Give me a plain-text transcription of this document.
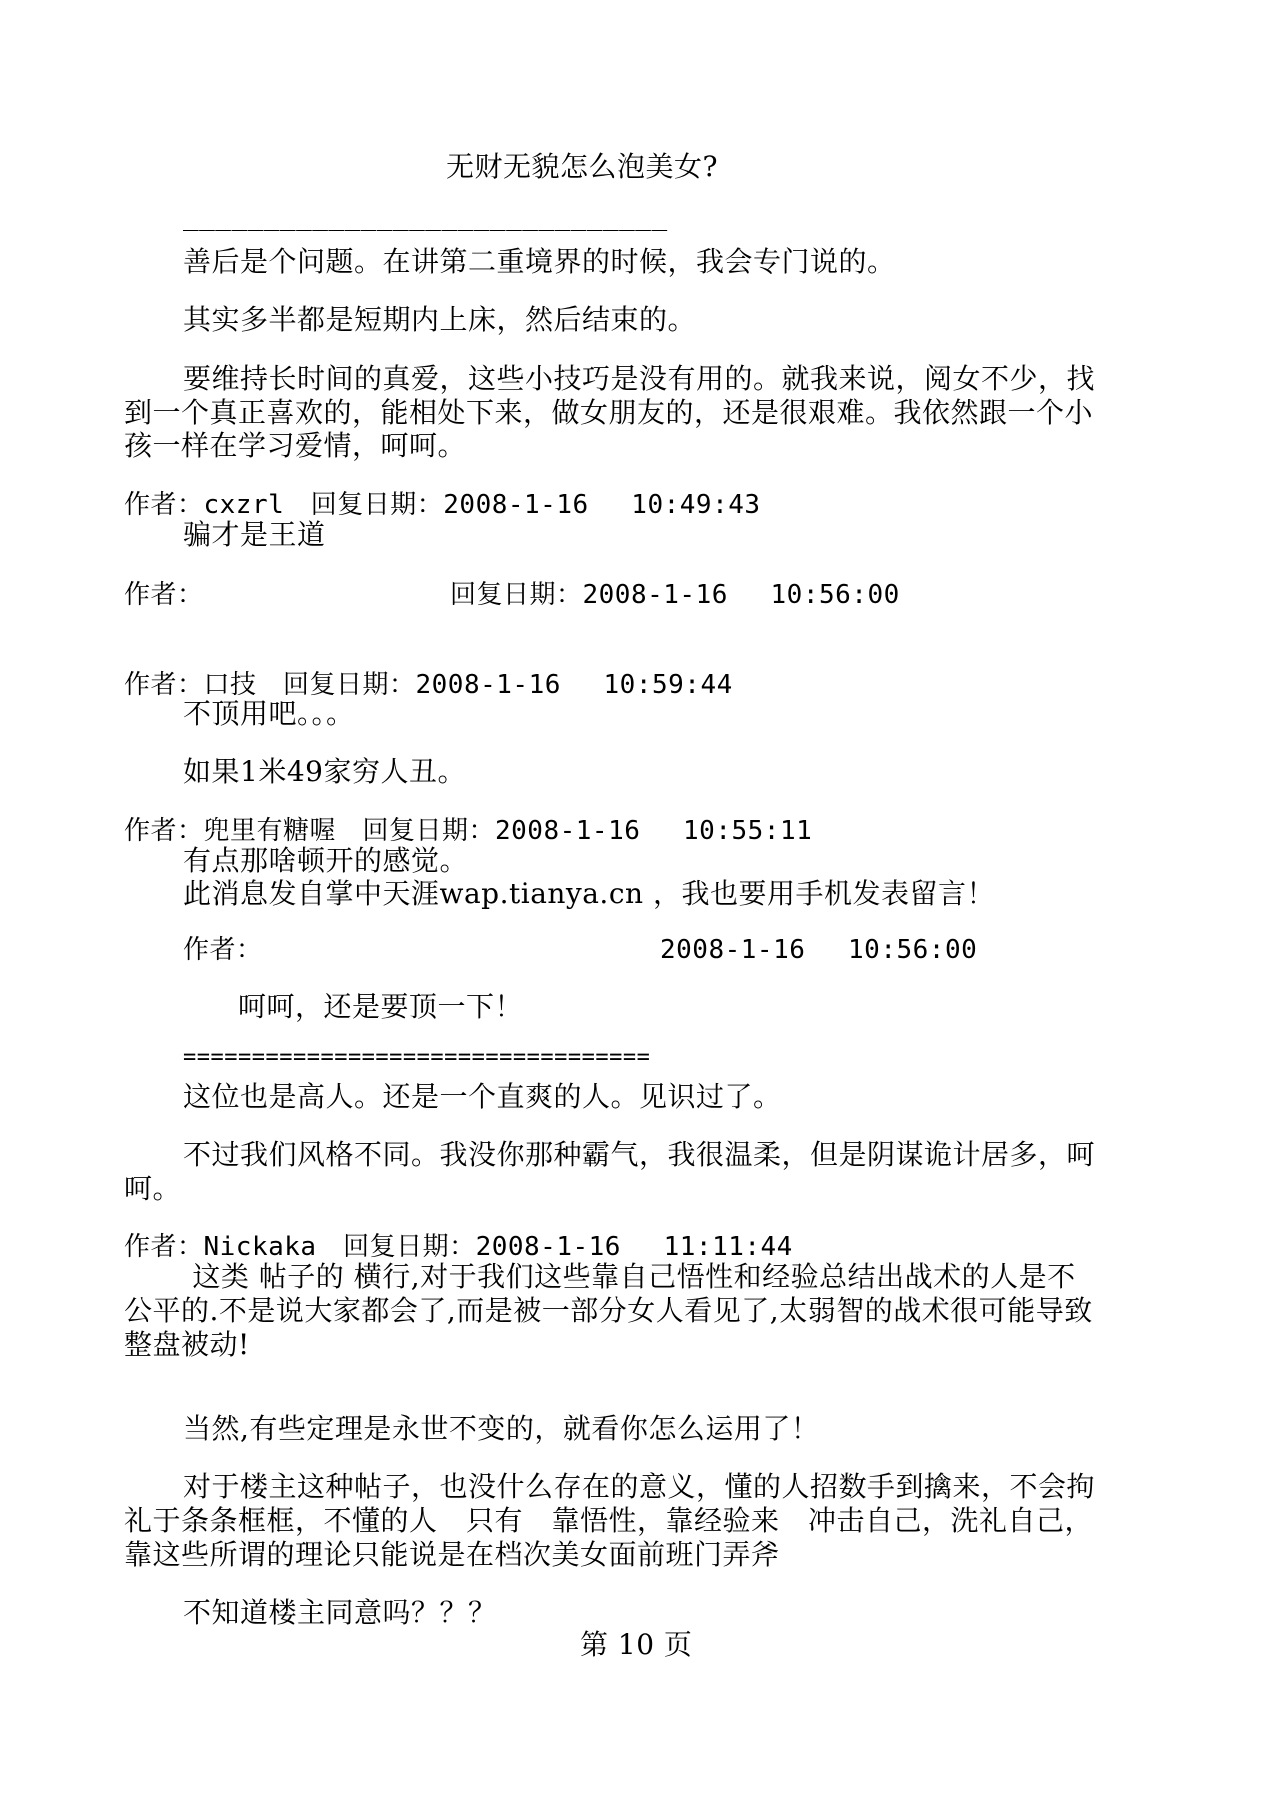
无财无貌怎么泡美女?
______________________________
善后是个问题。在讲第二重境界的时候，我会专门说的。
其实多半都是短期内上床，然后结束的。
要维持长时间的真爱，这些小技巧是没有用的。就我来说，阅女不少，找
到一个真正喜欢的，能相处下来，做女朋友的，还是很艰难。我依然跟一个小
孩一样在学习爱情，呵呵。
作者：cxzrl　回复日期：2008-1-16　 10:49:43
骗才是王道
作者：	回复日期：2008-1-16　 10:56:00

作者：口技　回复日期：2008-1-16　 10:59:44
不顶用吧。。。
如果1米49家穷人丑。
作者：兜里有糖喔　回复日期：2008-1-16　 10:55:11
有点那啥顿开的感觉。
此消息发自掌中天涯wap.tianya.cn ，我也要用手机发表留言！

作者：	2008-1-16　 10:56:00
呵呵，还是要顶一下！
==================================
这位也是高人。还是一个直爽的人。见识过了。
不过我们风格不同。我没你那种霸气，我很温柔，但是阴谋诡计居多，呵
呵。
作者：Nickaka　回复日期：2008-1-16　 11:11:44
这类 帖子的 横行,对于我们这些靠自己悟性和经验总结出战术的人是不
公平的.不是说大家都会了,而是被一部分女人看见了,太弱智的战术很可能导致
整盘被动!
当然,有些定理是永世不变的，就看你怎么运用了！
对于楼主这种帖子，也没什么存在的意义，懂的人招数手到擒来，不会拘
礼于条条框框，不懂的人　只有　靠悟性，靠经验来　冲击自己，洗礼自己，
靠这些所谓的理论只能说是在档次美女面前班门弄斧
不知道楼主同意吗？？？
第 10 页
